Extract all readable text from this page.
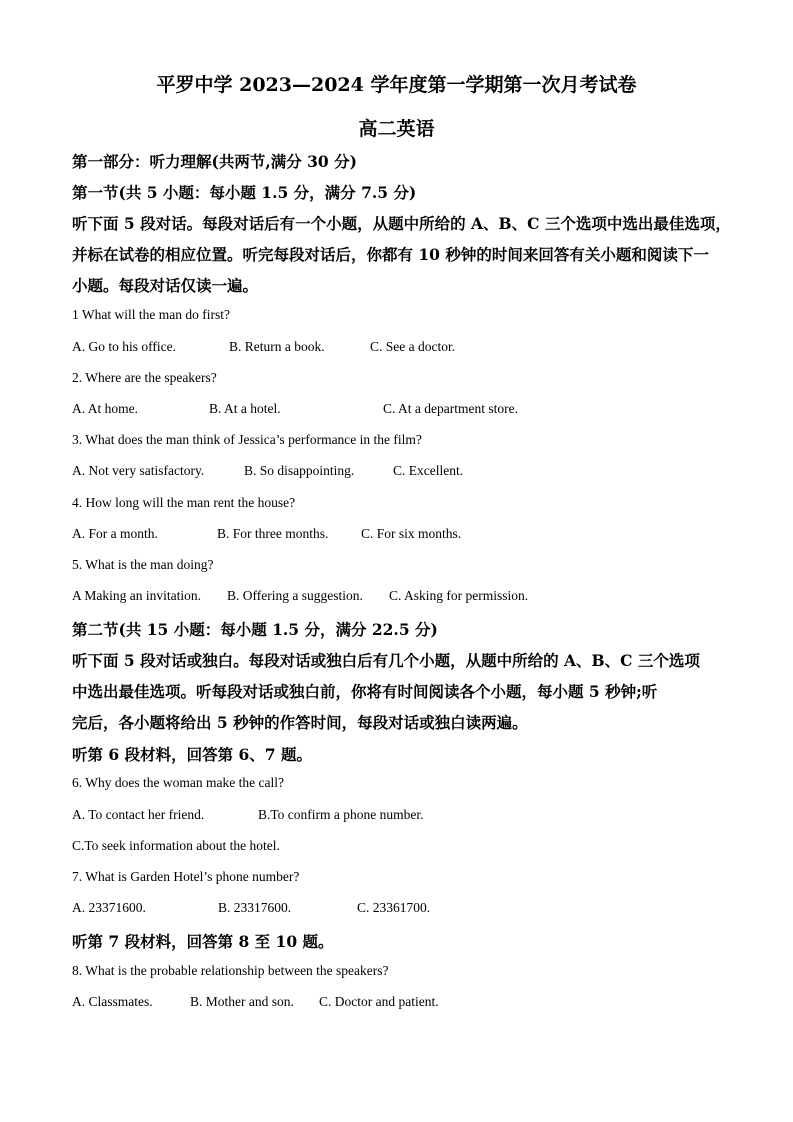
平罗中学 2023—2024 学年度第一学期第一次月考试卷
高二英语
第一部分：听力理解(共两节,满分 30 分)
第一节(共 5 小题：每小题 1.5 分，满分 7.5 分)
听下面 5 段对话。每段对话后有一个小题，从题中所给的 A、B、C 三个选项中选出最佳选项，
并标在试卷的相应位置。听完每段对话后，你都有 10 秒钟的时间来回答有关小题和阅读下一
小题。每段对话仅读一遍。
1 What will the man do first?
A. Go to his office.	B. Return a book.	C. See a doctor.
2. Where are the speakers?
A. At home.	B. At a hotel.	C. At a department store.
3. What does the man think of Jessica’s performance in the film?
A. Not very satisfactory.	B. So disappointing.	C. Excellent.
4. How long will the man rent the house?
A. For a month.	B. For three months. C. For six months.
5. What is the man doing?
A Making an invitation. B. Offering a suggestion. C. Asking for permission.
第二节(共 15 小题：每小题 1.5 分，满分 22.5 分)
听下面 5 段对话或独白。每段对话或独白后有几个小题，从题中所给的 A、B、C 三个选项
中选出最佳选项。听每段对话或独白前，你将有时间阅读各个小题，每小题 5 秒钟;听
完后，各小题将给出 5 秒钟的作答时间，每段对话或独白读两遍。
听第 6 段材料，回答第 6、7 题。
6. Why does the woman make the call?
A. To contact her friend.	B.To confirm a phone number.
C.To seek information about the hotel.
7. What is Garden Hotel’s phone number?
A. 23371600.	B. 23317600.	C. 23361700.
听第 7 段材料，回答第 8 至 10 题。
8. What is the probable relationship between the speakers?
A. Classmates.	B. Mother and son. C. Doctor and patient.
